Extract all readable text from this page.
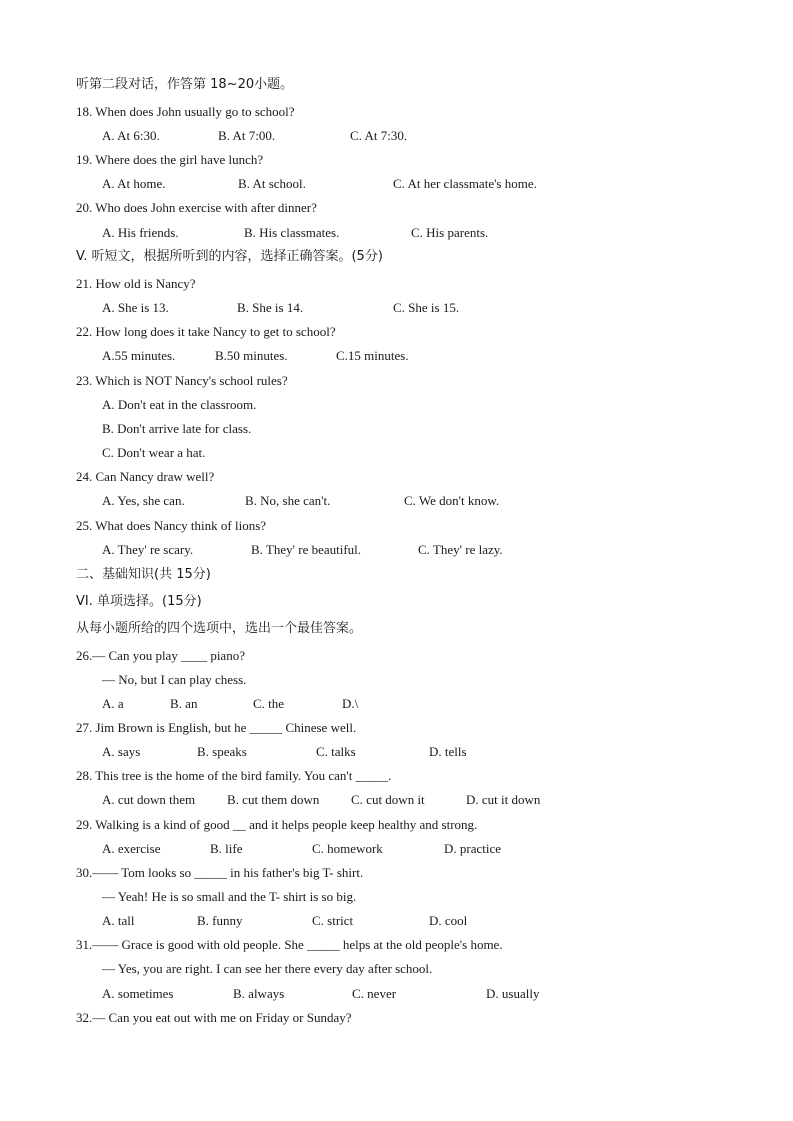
听第二段对话，作答第 18~20小题。
18. When does John usually go to school?
A. At 6:30.	B. At 7:00.	C. At 7:30.
19. Where does the girl have lunch?
A. At home.	B. At school.	C. At her classmate's home.
20. Who does John exercise with after dinner?
A. His friends.	B. His classmates.	C. His parents.
V. 听短文，根据所听到的内容，选择正确答案。(5分)
21. How old is Nancy?
A. She is 13.	B. She is 14.	C. She is 15.
22. How long does it take Nancy to get to school?
A.55 minutes.	B.50 minutes.	C.15 minutes.
23. Which is NOT Nancy's school rules?
A. Don't eat in the classroom.
B. Don't arrive late for class.
C. Don't wear a hat.
24. Can Nancy draw well?
A. Yes, she can.	B. No, she can't.	C. We don't know.
25. What does Nancy think of lions?
A. They' re scary.	B. They' re beautiful.	C. They' re lazy.
二、基础知识(共 15分)
VI. 单项选择。(15分)
从每小题所给的四个选项中，选出一个最佳答案。
26.— Can you play ____ piano?
— No, but I can play chess.
A. a	B. an	C. the	D.\
27. Jim Brown is English, but he _____ Chinese well.
A. says	B. speaks	C. talks	D. tells
28. This tree is the home of the bird family. You can't _____.
A. cut down them B. cut them down C. cut down it	D. cut it down
29. Walking is a kind of good __ and it helps people keep healthy and strong.
A. exercise	B. life	C. homework	D. practice
30.—— Tom looks so _____ in his father's big T- shirt.
— Yeah! He is so small and the T- shirt is so big.
A. tall	B. funny	C. strict	D. cool
31.—— Grace is good with old people. She _____ helps at the old people's home.
— Yes, you are right. I can see her there every day after school.
A. sometimes	B. always	C. never	D. usually
32.— Can you eat out with me on Friday or Sunday?
